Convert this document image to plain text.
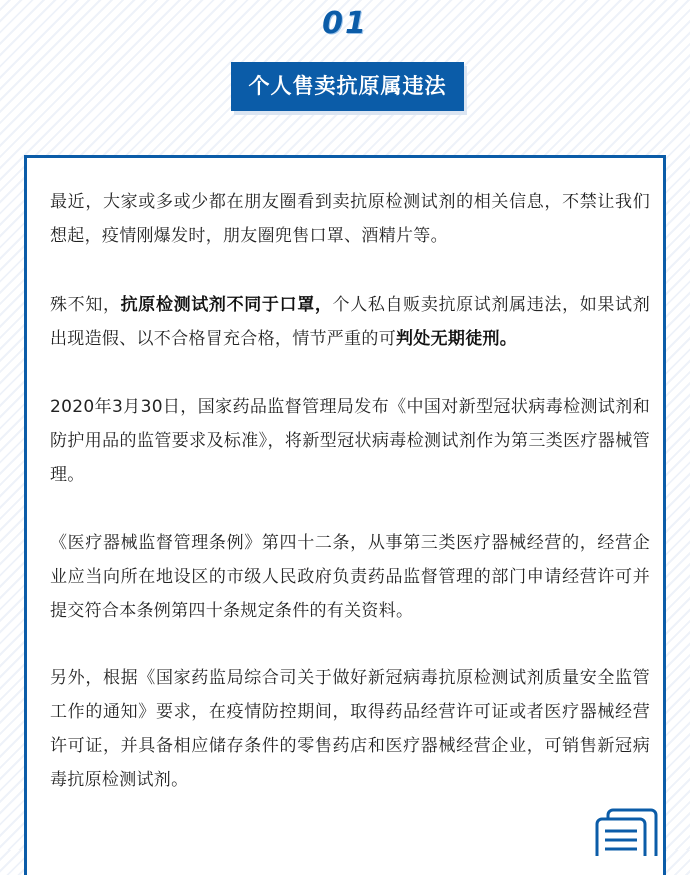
01
个人售卖抗原属违法

最近，大家或多或少都在朋友圈看到卖抗原检测试剂的相关信息，不禁让我们想起，疫情刚爆发时，朋友圈兜售口罩、酒精片等。

殊不知，抗原检测试剂不同于口罩，个人私自贩卖抗原试剂属违法，如果试剂出现造假、以不合格冒充合格，情节严重的可判处无期徒刑。

2020年3月30日，国家药品监督管理局发布《中国对新型冠状病毒检测试剂和防护用品的监管要求及标准》，将新型冠状病毒检测试剂作为第三类医疗器械管理。

《医疗器械监督管理条例》第四十二条，从事第三类医疗器械经营的，经营企业应当向所在地设区的市级人民政府负责药品监督管理的部门申请经营许可并提交符合本条例第四十条规定条件的有关资料。

另外，根据《国家药监局综合司关于做好新冠病毒抗原检测试剂质量安全监管工作的通知》要求，在疫情防控期间，取得药品经营许可证或者医疗器械经营许可证，并具备相应储存条件的零售药店和医疗器械经营企业，可销售新冠病毒抗原检测试剂。
